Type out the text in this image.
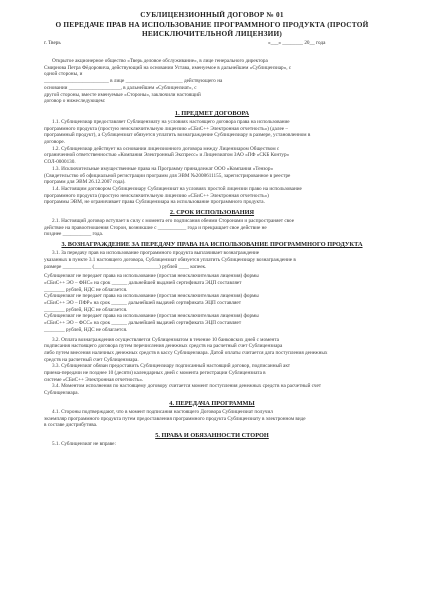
СУБЛИЦЕНЗИОННЫЙ ДОГОВОР № 01
О ПЕРЕДАЧЕ ПРАВ НА ИСПОЛЬЗОВАНИЕ ПРОГРАММНОГО ПРОДУКТА (ПРОСТОЙ
НЕИСКЛЮЧИТЕЛЬНОЙ ЛИЦЕНЗИИ)
г. Тверь	«___» ________ 20__ года
Открытое акционерное общество «Тверь деловое обслуживание», в лице генерального директора
Смирнова Петра Фёдоровича, действующий на основании Устава, именуемое в дальнейшем «Сублицензиар», с
одной стороны, и
_________________________ в лице ______________________ действующего на
основании ____________________, в дальнейшем «Сублицензиат», с
другой стороны, вместе именуемые «Стороны», заключили настоящий
договор о нижеследующем:
1. ПРЕДМЕТ ДОГОВОРА
1.1. Сублицензиар предоставляет Сублицензиату на условиях настоящего договора права на использование
программного продукта (простую неисключительную лицензию «СБиС++ Электронная отчетность») (далее –
программный продукт), а Сублицензиат обязуется уплатить вознаграждение Сублицензиару в размере, установленном в
договоре.
1.2. Сублицензиар действует на основании лицензионного договора между Лицензиаром Обществом с
ограниченной ответственностью «Компания Электронный Экспресс» и Лицензиатом ЗАО «ПФ «СКБ Контур»
СОЛ-0000130.
1.3. Исключительные имущественные права на Программу принадлежат ООО «Компания «Тензор»
(Свидетельство об официальной регистрации программ для ЭВМ №2008611155, зарегистрированное в реестре
программ для ЭВМ 26.12.2007 года).
1.4. Настоящим договором Сублицензиару Сублицензиат на условиях простой лицензии право на использование
программного продукта (простую неисключительную лицензию «СБиС++ Электронная отчетность»)
программы ЭВМ, не ограничивает права Сублицензиара на использование программного продукта.
2. СРОК ИСПОЛЬЗОВАНИЯ
2.1. Настоящий договор вступает в силу с момента его подписания обеими Сторонами и распространяет свое
действие на правоотношения Сторон, возникшие с ___________ года и прекращает свое действие не
позднее ___________ года.
3. ВОЗНАГРАЖДЕНИЕ ЗА ПЕРЕДАЧУ ПРАВА НА ИСПОЛЬЗОВАНИЕ ПРОГРАММНОГО ПРОДУКТА
3.1. За передачу прав на использование программного продукта выплачивает вознаграждение
указанных в пункте 3.1 настоящего договора, Сублицензиат обязуется уплатить Сублицензиару вознаграждение в
размере ___________ (_________________________) рублей ____ копеек.
Сублицензиат не передает права на использование (простая неисключительная лицензия) формы
«СБиС++ ЭО – ФНС» на срок ______ дальнейшей выдачей сертификата ЭЦП составляет
________ рублей, НДС не облагается.
Сублицензиат не передает права на использование (простая неисключительная лицензия) формы
«СБиС++ ЭО – ПФР» на срок ______ дальнейшей выдачей сертификата ЭЦП составляет
________ рублей, НДС не облагается.
Сублицензиат не передает права на использование (простая неисключительная лицензия) формы
«СБиС++ ЭО – ФСС» на срок ______ дальнейшей выдачей сертификата ЭЦП составляет
________ рублей, НДС не облагается.
3.2. Оплата вознаграждения осуществляется Сублицензиатом в течение 10 банковских дней с момента
подписания настоящего договора путем перечисления денежных средств на расчетный счет Сублицензиара
либо путем внесения наличных денежных средств в кассу Сублицензиара. Датой оплаты считается дата поступления денежных
средств на расчетный счет Сублицензиара.
3.3. Сублицензиат обязан предоставить Сублицензиару подписанный настоящий договор, подписанный акт
приема-передачи не позднее 10 (десяти) календарных дней с момента регистрации Сублицензиата в
системе «СБиС++ Электронная отчетность».
3.4. Моментом исполнения по настоящему договору считается момент поступления денежных средств на расчетный счет
Сублицензиара.
4. ПЕРЕДАЧА ПРОГРАММЫ
4.1. Стороны подтверждают, что в момент подписания настоящего Договора Сублицензиат получил
экземпляр программного продукта путем предоставления программного продукта Сублицензиату в электронном виде
в составе дистрибутива.
5. ПРАВА И ОБЯЗАННОСТИ СТОРОН
5.1. Сублицензиат не вправе:
